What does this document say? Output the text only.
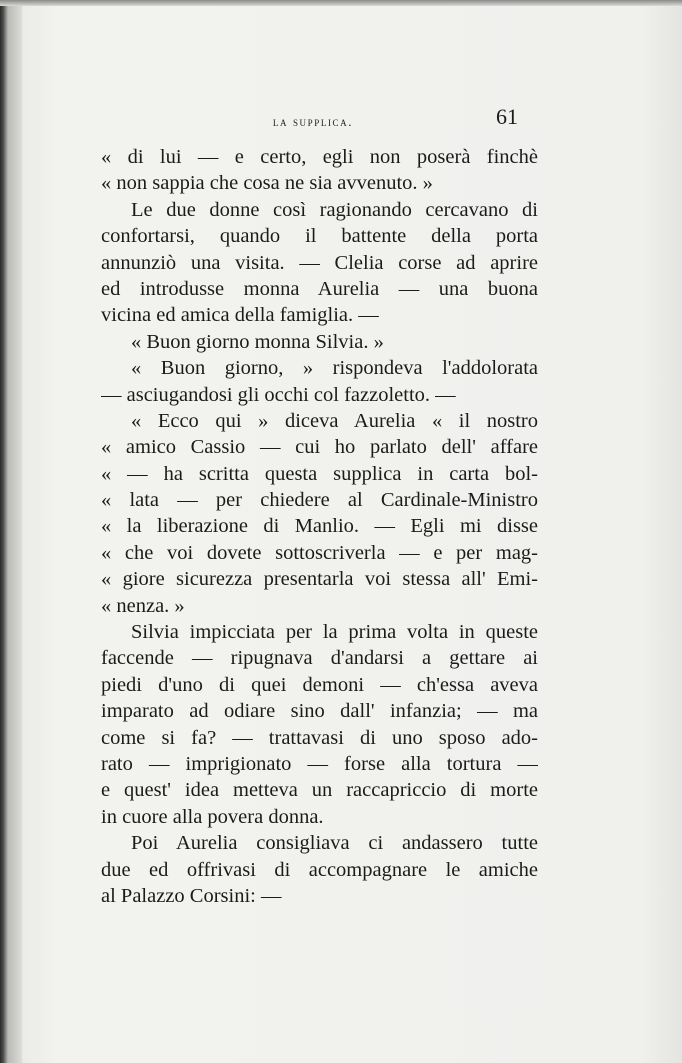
la supplica.	61
« di lui — e certo, egli non poserà finchè
« non sappia che cosa ne sia avvenuto. »
Le due donne così ragionando cercavano di
confortarsi, quando il battente della porta
annunziò una visita. — Clelia corse ad aprire
ed introdusse monna Aurelia — una buona
vicina ed amica della famiglia. —
« Buon giorno monna Silvia. »
« Buon giorno, » rispondeva l'addolorata
— asciugandosi gli occhi col fazzoletto. —
« Ecco qui » diceva Aurelia « il nostro
« amico Cassio — cui ho parlato dell' affare
« — ha scritta questa supplica in carta bol-
« lata — per chiedere al Cardinale-Ministro
« la liberazione di Manlio. — Egli mi disse
« che voi dovete sottoscriverla — e per mag-
« giore sicurezza presentarla voi stessa all' Emi-
« nenza. »
Silvia impicciata per la prima volta in queste
faccende — ripugnava d'andarsi a gettare ai
piedi d'uno di quei demoni — ch'essa aveva
imparato ad odiare sino dall' infanzia; — ma
come si fa? — trattavasi di uno sposo ado-
rato — imprigionato — forse alla tortura —
e quest' idea metteva un raccapriccio di morte
in cuore alla povera donna.
Poi Aurelia consigliava ci andassero tutte
due ed offrivasi di accompagnare le amiche
al Palazzo Corsini: —
